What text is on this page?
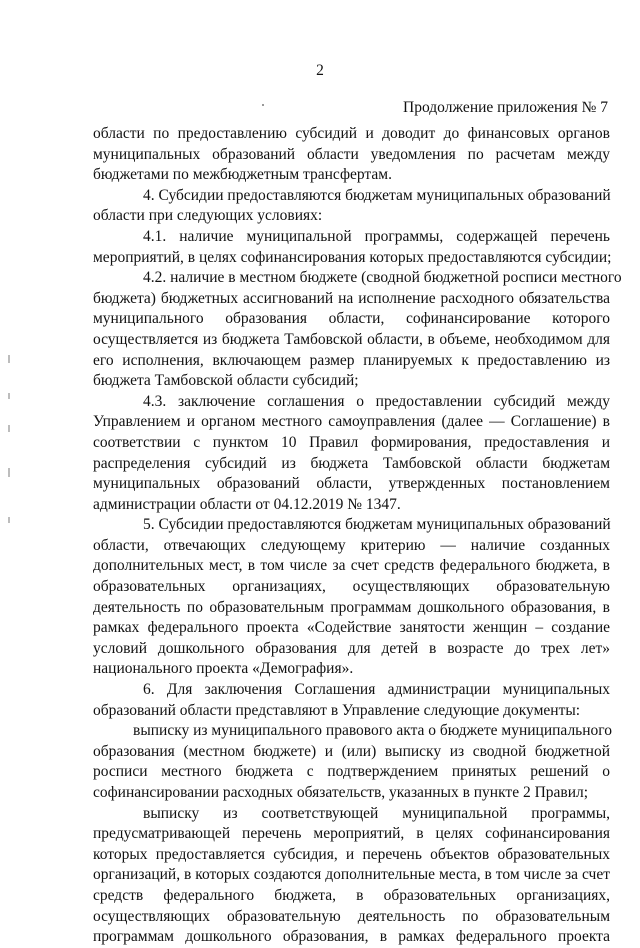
2
Продолжение приложения № 7
области по предоставлению субсидий и доводит до финансовых органов
муниципальных образований области уведомления по расчетам между
бюджетами по межбюджетным трансфертам.
4. Субсидии предоставляются бюджетам муниципальных образований
области при следующих условиях:
4.1. наличие муниципальной программы, содержащей перечень
мероприятий, в целях софинансирования которых предоставляются субсидии;
4.2. наличие в местном бюджете (сводной бюджетной росписи местного
бюджета) бюджетных ассигнований на исполнение расходного обязательства
муниципального образования области, софинансирование которого
осуществляется из бюджета Тамбовской области, в объеме, необходимом для
его исполнения, включающем размер планируемых к предоставлению из
бюджета Тамбовской области субсидий;
4.3. заключение соглашения о предоставлении субсидий между
Управлением и органом местного самоуправления (далее — Соглашение) в
соответствии с пунктом 10 Правил формирования, предоставления и
распределения субсидий из бюджета Тамбовской области бюджетам
муниципальных образований области, утвержденных постановлением
администрации области от 04.12.2019 № 1347.
5. Субсидии предоставляются бюджетам муниципальных образований
области, отвечающих следующему критерию — наличие созданных
дополнительных мест, в том числе за счет средств федерального бюджета, в
образовательных организациях, осуществляющих образовательную
деятельность по образовательным программам дошкольного образования, в
рамках федерального проекта «Содействие занятости женщин – создание
условий дошкольного образования для детей в возрасте до трех лет»
национального проекта «Демография».
6. Для заключения Соглашения администрации муниципальных
образований области представляют в Управление следующие документы:
выписку из муниципального правового акта о бюджете муниципального
образования (местном бюджете) и (или) выписку из сводной бюджетной
росписи местного бюджета с подтверждением принятых решений о
софинансировании расходных обязательств, указанных в пункте 2 Правил;
выписку из соответствующей муниципальной программы,
предусматривающей перечень мероприятий, в целях софинансирования
которых предоставляется субсидия, и перечень объектов образовательных
организаций, в которых создаются дополнительные места, в том числе за счет
средств федерального бюджета, в образовательных организациях,
осуществляющих образовательную деятельность по образовательным
программам дошкольного образования, в рамках федерального проекта
